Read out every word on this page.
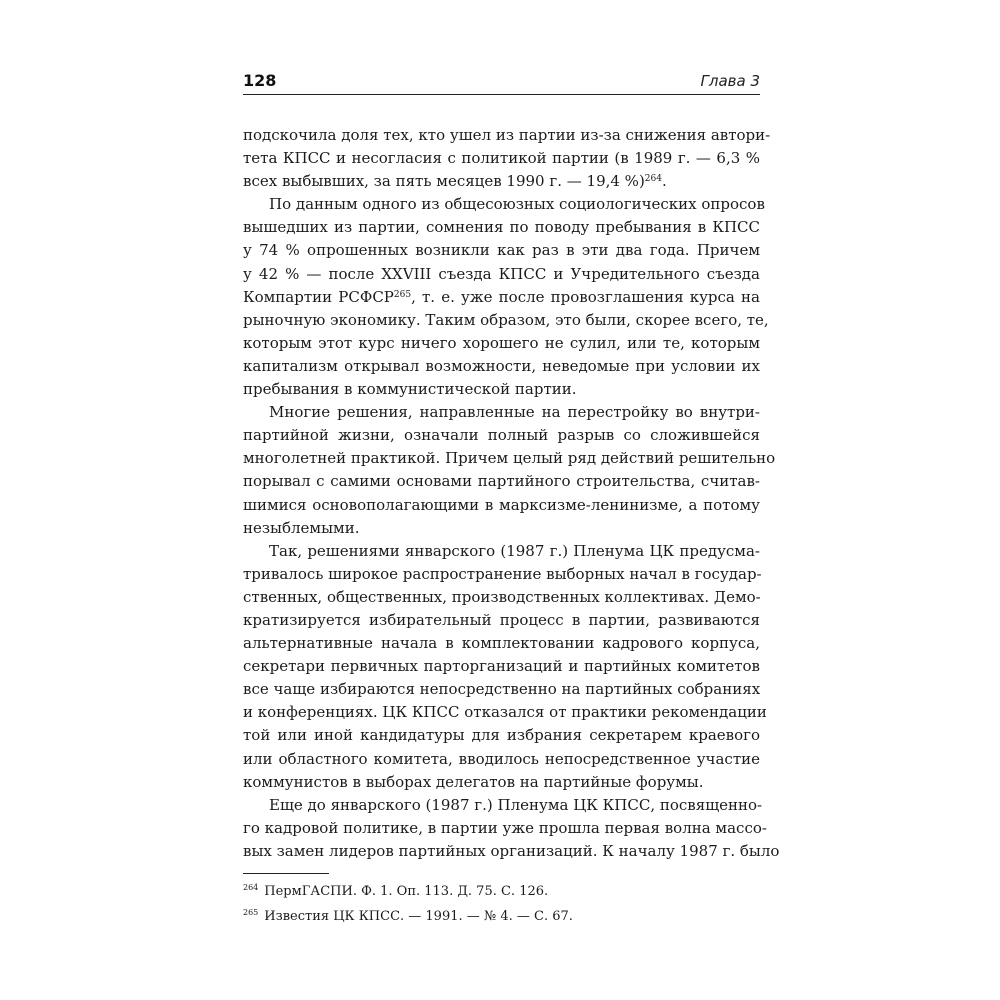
128	Глава 3
подскочила доля тех, кто ушел из партии из-за снижения автори-
тета КПСС и несогласия с политикой партии (в 1989 г. — 6,3 %
всех выбывших, за пять месяцев 1990 г. — 19,4 %)$^{264}$.
По данным одного из общесоюзных социологических опросов
вышедших из партии, сомнения по поводу пребывания в КПСС
у 74 % опрошенных возникли как раз в эти два года. Причем
у 42 % — после XXVIII съезда КПСС и Учредительного съезда
Компартии РСФСР$^{265}$, т. е. уже после провозглашения курса на
рыночную экономику. Таким образом, это были, скорее всего, те,
которым этот курс ничего хорошего не сулил, или те, которым
капитализм открывал возможности, неведомые при условии их
пребывания в коммунистической партии.
Многие решения, направленные на перестройку во внутри-
партийной жизни, означали полный разрыв со сложившейся
многолетней практикой. Причем целый ряд действий решительно
порывал с самими основами партийного строительства, считав-
шимися основополагающими в марксизме-ленинизме, а потому
незыблемыми.
Так, решениями январского (1987 г.) Пленума ЦК предусма-
тривалось широкое распространение выборных начал в государ-
ственных, общественных, производственных коллективах. Демо-
кратизируется избирательный процесс в партии, развиваются
альтернативные начала в комплектовании кадрового корпуса,
секретари первичных парторганизаций и партийных комитетов
все чаще избираются непосредственно на партийных собраниях
и конференциях. ЦК КПСС отказался от практики рекомендации
той или иной кандидатуры для избрания секретарем краевого
или областного комитета, вводилось непосредственное участие
коммунистов в выборах делегатов на партийные форумы.
Еще до январского (1987 г.) Пленума ЦК КПСС, посвященно-
го кадровой политике, в партии уже прошла первая волна массо-
вых замен лидеров партийных организаций. К началу 1987 г. было
$^{264}$ ПермГАСПИ. Ф. 1. Оп. 113. Д. 75. С. 126.
$^{265}$ Известия ЦК КПСС. — 1991. — № 4. — С. 67.
